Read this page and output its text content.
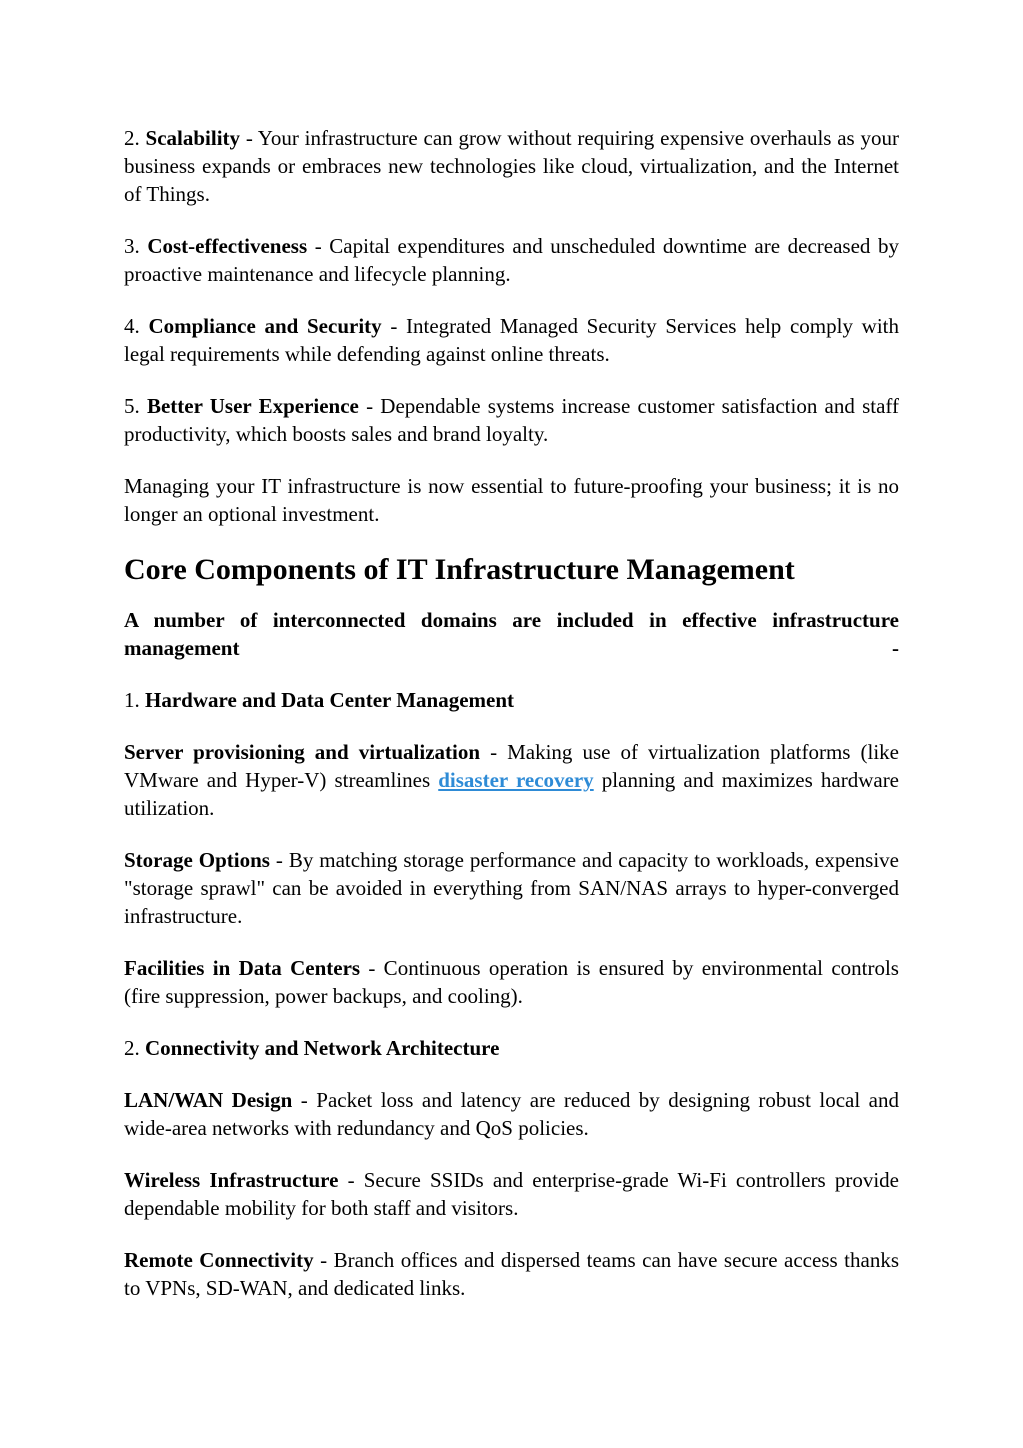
2. Scalability - Your infrastructure can grow without requiring expensive overhauls as your business expands or embraces new technologies like cloud, virtualization, and the Internet of Things.

3. Cost-effectiveness - Capital expenditures and unscheduled downtime are decreased by proactive maintenance and lifecycle planning.

4. Compliance and Security - Integrated Managed Security Services help comply with legal requirements while defending against online threats.

5. Better User Experience - Dependable systems increase customer satisfaction and staff productivity, which boosts sales and brand loyalty.

Managing your IT infrastructure is now essential to future-proofing your business; it is no longer an optional investment.

Core Components of IT Infrastructure Management

A number of interconnected domains are included in effective infrastructure management -

1. Hardware and Data Center Management

Server provisioning and virtualization - Making use of virtualization platforms (like VMware and Hyper-V) streamlines disaster recovery planning and maximizes hardware utilization.

Storage Options - By matching storage performance and capacity to workloads, expensive "storage sprawl" can be avoided in everything from SAN/NAS arrays to hyper-converged infrastructure.

Facilities in Data Centers - Continuous operation is ensured by environmental controls (fire suppression, power backups, and cooling).

2. Connectivity and Network Architecture

LAN/WAN Design - Packet loss and latency are reduced by designing robust local and wide-area networks with redundancy and QoS policies.

Wireless Infrastructure - Secure SSIDs and enterprise-grade Wi-Fi controllers provide dependable mobility for both staff and visitors.

Remote Connectivity - Branch offices and dispersed teams can have secure access thanks to VPNs, SD-WAN, and dedicated links.
